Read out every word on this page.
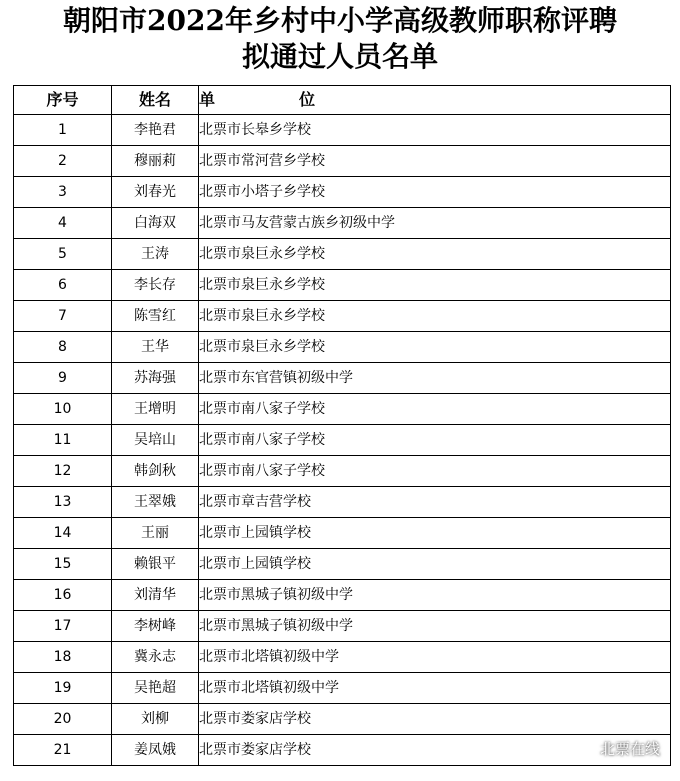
朝阳市2022年乡村中小学高级教师职称评聘
拟通过人员名单
序号	姓名	单 位
1	李艳君	北票市长皋乡学校
2	穆丽莉	北票市常河营乡学校
3	刘春光	北票市小塔子乡学校
4	白海双	北票市马友营蒙古族乡初级中学
5	王涛	北票市泉巨永乡学校
6	李长存	北票市泉巨永乡学校
7	陈雪红	北票市泉巨永乡学校
8	王华	北票市泉巨永乡学校
9	苏海强	北票市东官营镇初级中学
10	王增明	北票市南八家子学校
11	吴培山	北票市南八家子学校
12	韩剑秋	北票市南八家子学校
13	王翠娥	北票市章吉营学校
14	王丽	北票市上园镇学校
15	赖银平	北票市上园镇学校
16	刘清华	北票市黑城子镇初级中学
17	李树峰	北票市黑城子镇初级中学
18	冀永志	北票市北塔镇初级中学
19	吴艳超	北票市北塔镇初级中学
20	刘柳	北票市娄家店学校
21	姜凤娥	北票市娄家店学校	北票在线
